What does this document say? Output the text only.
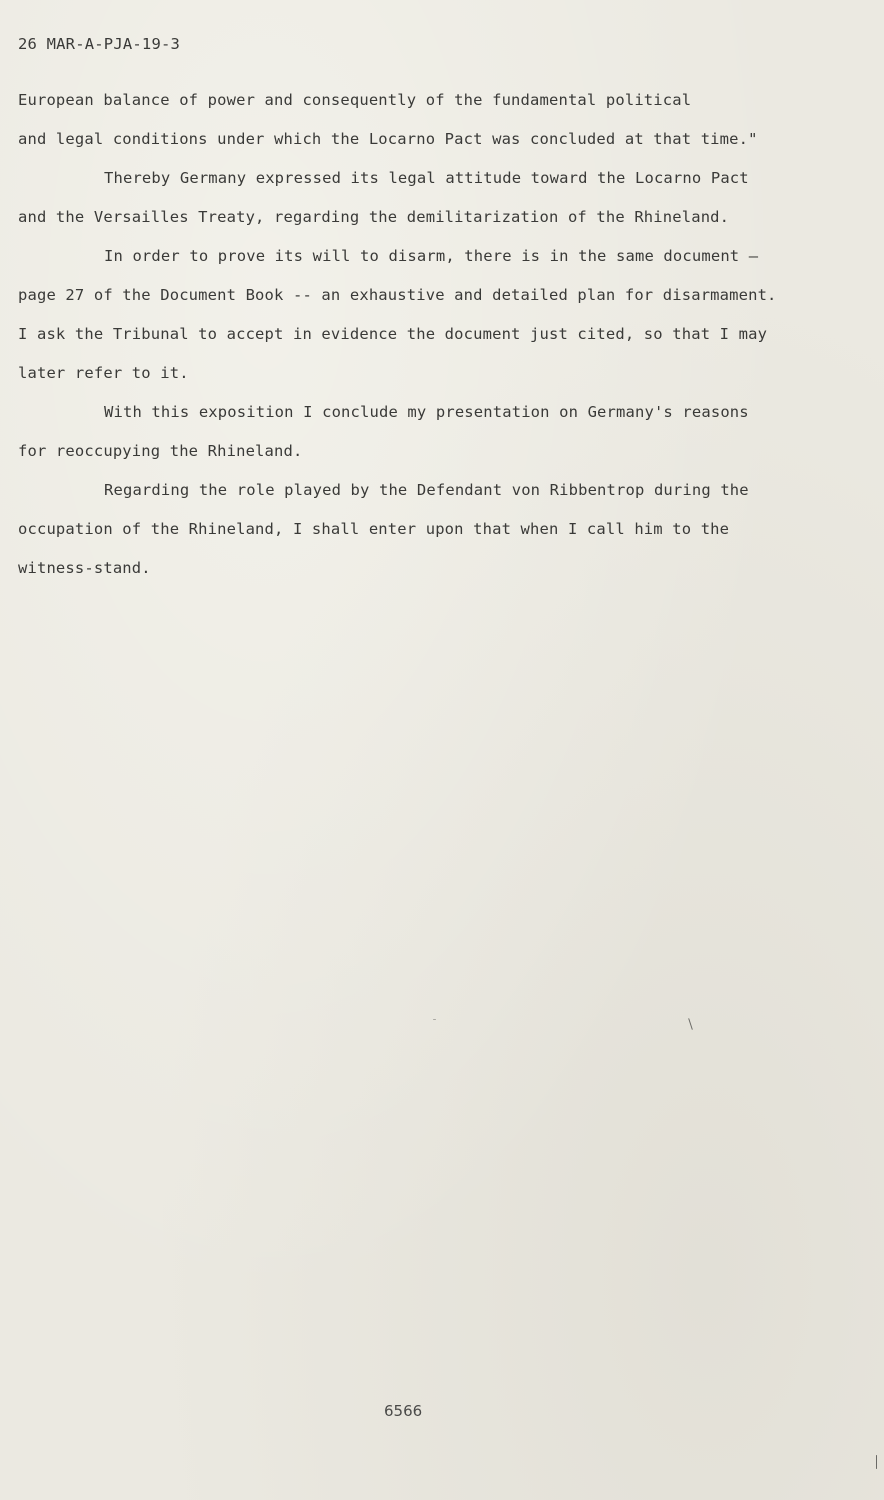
26 MAR-A-PJA-19-3
European balance of power and consequently of the fundamental political
and legal conditions under which the Locarno Pact was concluded at that time."
Thereby Germany expressed its legal attitude toward the Locarno Pact
and the Versailles Treaty, regarding the demilitarization of the Rhineland.
In order to prove its will to disarm, there is in the same document —
page 27 of the Document Book -- an exhaustive and detailed plan for disarmament.
I ask the Tribunal to accept in evidence the document just cited, so that I may
later refer to it.
With this exposition I conclude my presentation on Germany's reasons
for reoccupying the Rhineland.
Regarding the role played by the Defendant von Ribbentrop during the
occupation of the Rhineland, I shall enter upon that when I call him to the
witness-stand.
6566
